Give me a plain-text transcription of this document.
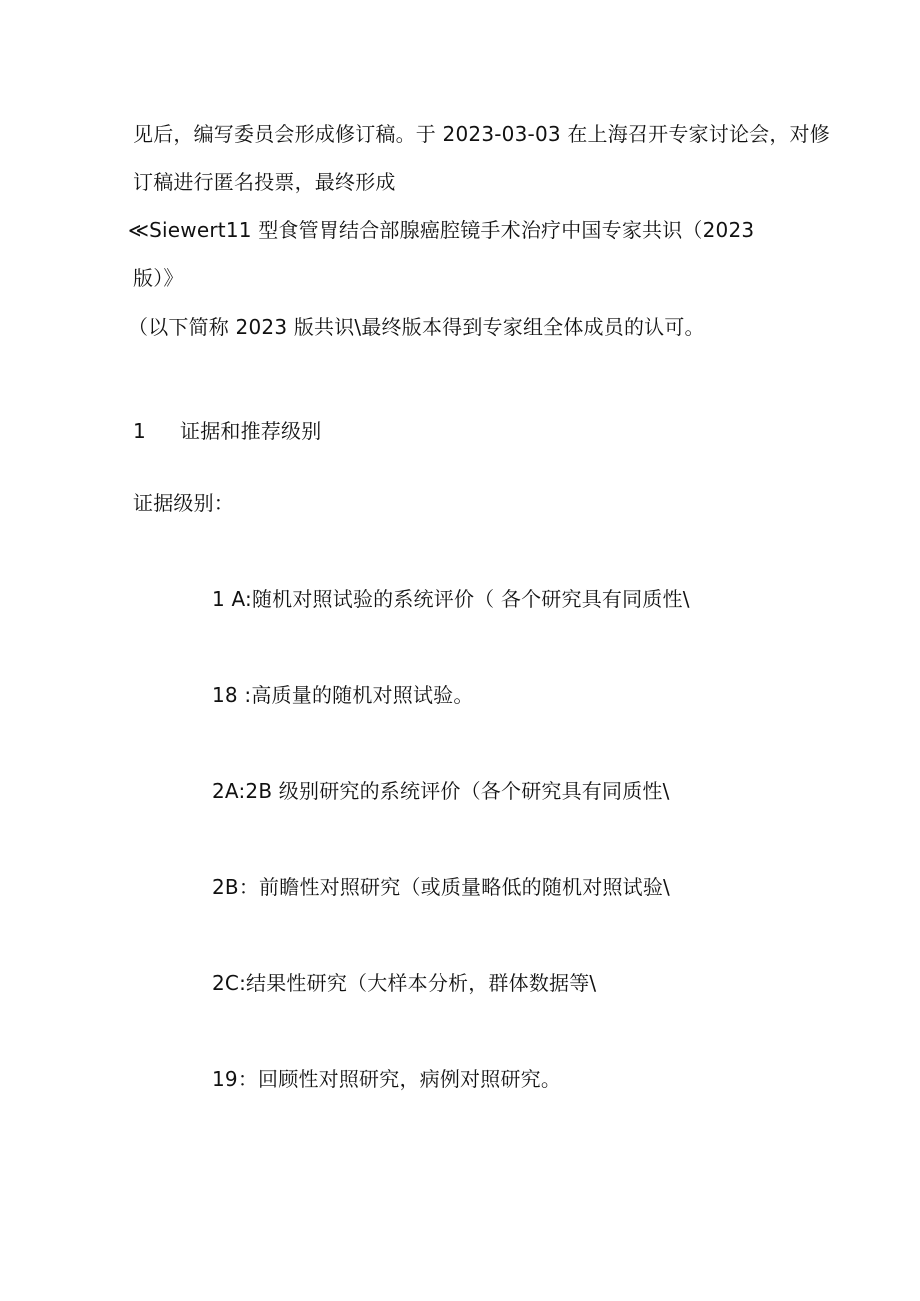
见后，编写委员会形成修订稿。于 2023-03-03 在上海召开专家讨论会，对修
订稿进行匿名投票，最终形成
≪Siewert11 型食管胃结合部腺癌腔镜手术治疗中国专家共识（2023
版）》
（以下简称 2023 版共识\最终版本得到专家组全体成员的认可。
1 证据和推荐级别
证据级别：
1 A:随机对照试验的系统评价（ 各个研究具有同质性\
18 :高质量的随机对照试验。
2A:2B 级别研究的系统评价（各个研究具有同质性\
2B：前瞻性对照研究（或质量略低的随机对照试验\
2C:结果性研究（大样本分析，群体数据等\
19：回顾性对照研究，病例对照研究。
